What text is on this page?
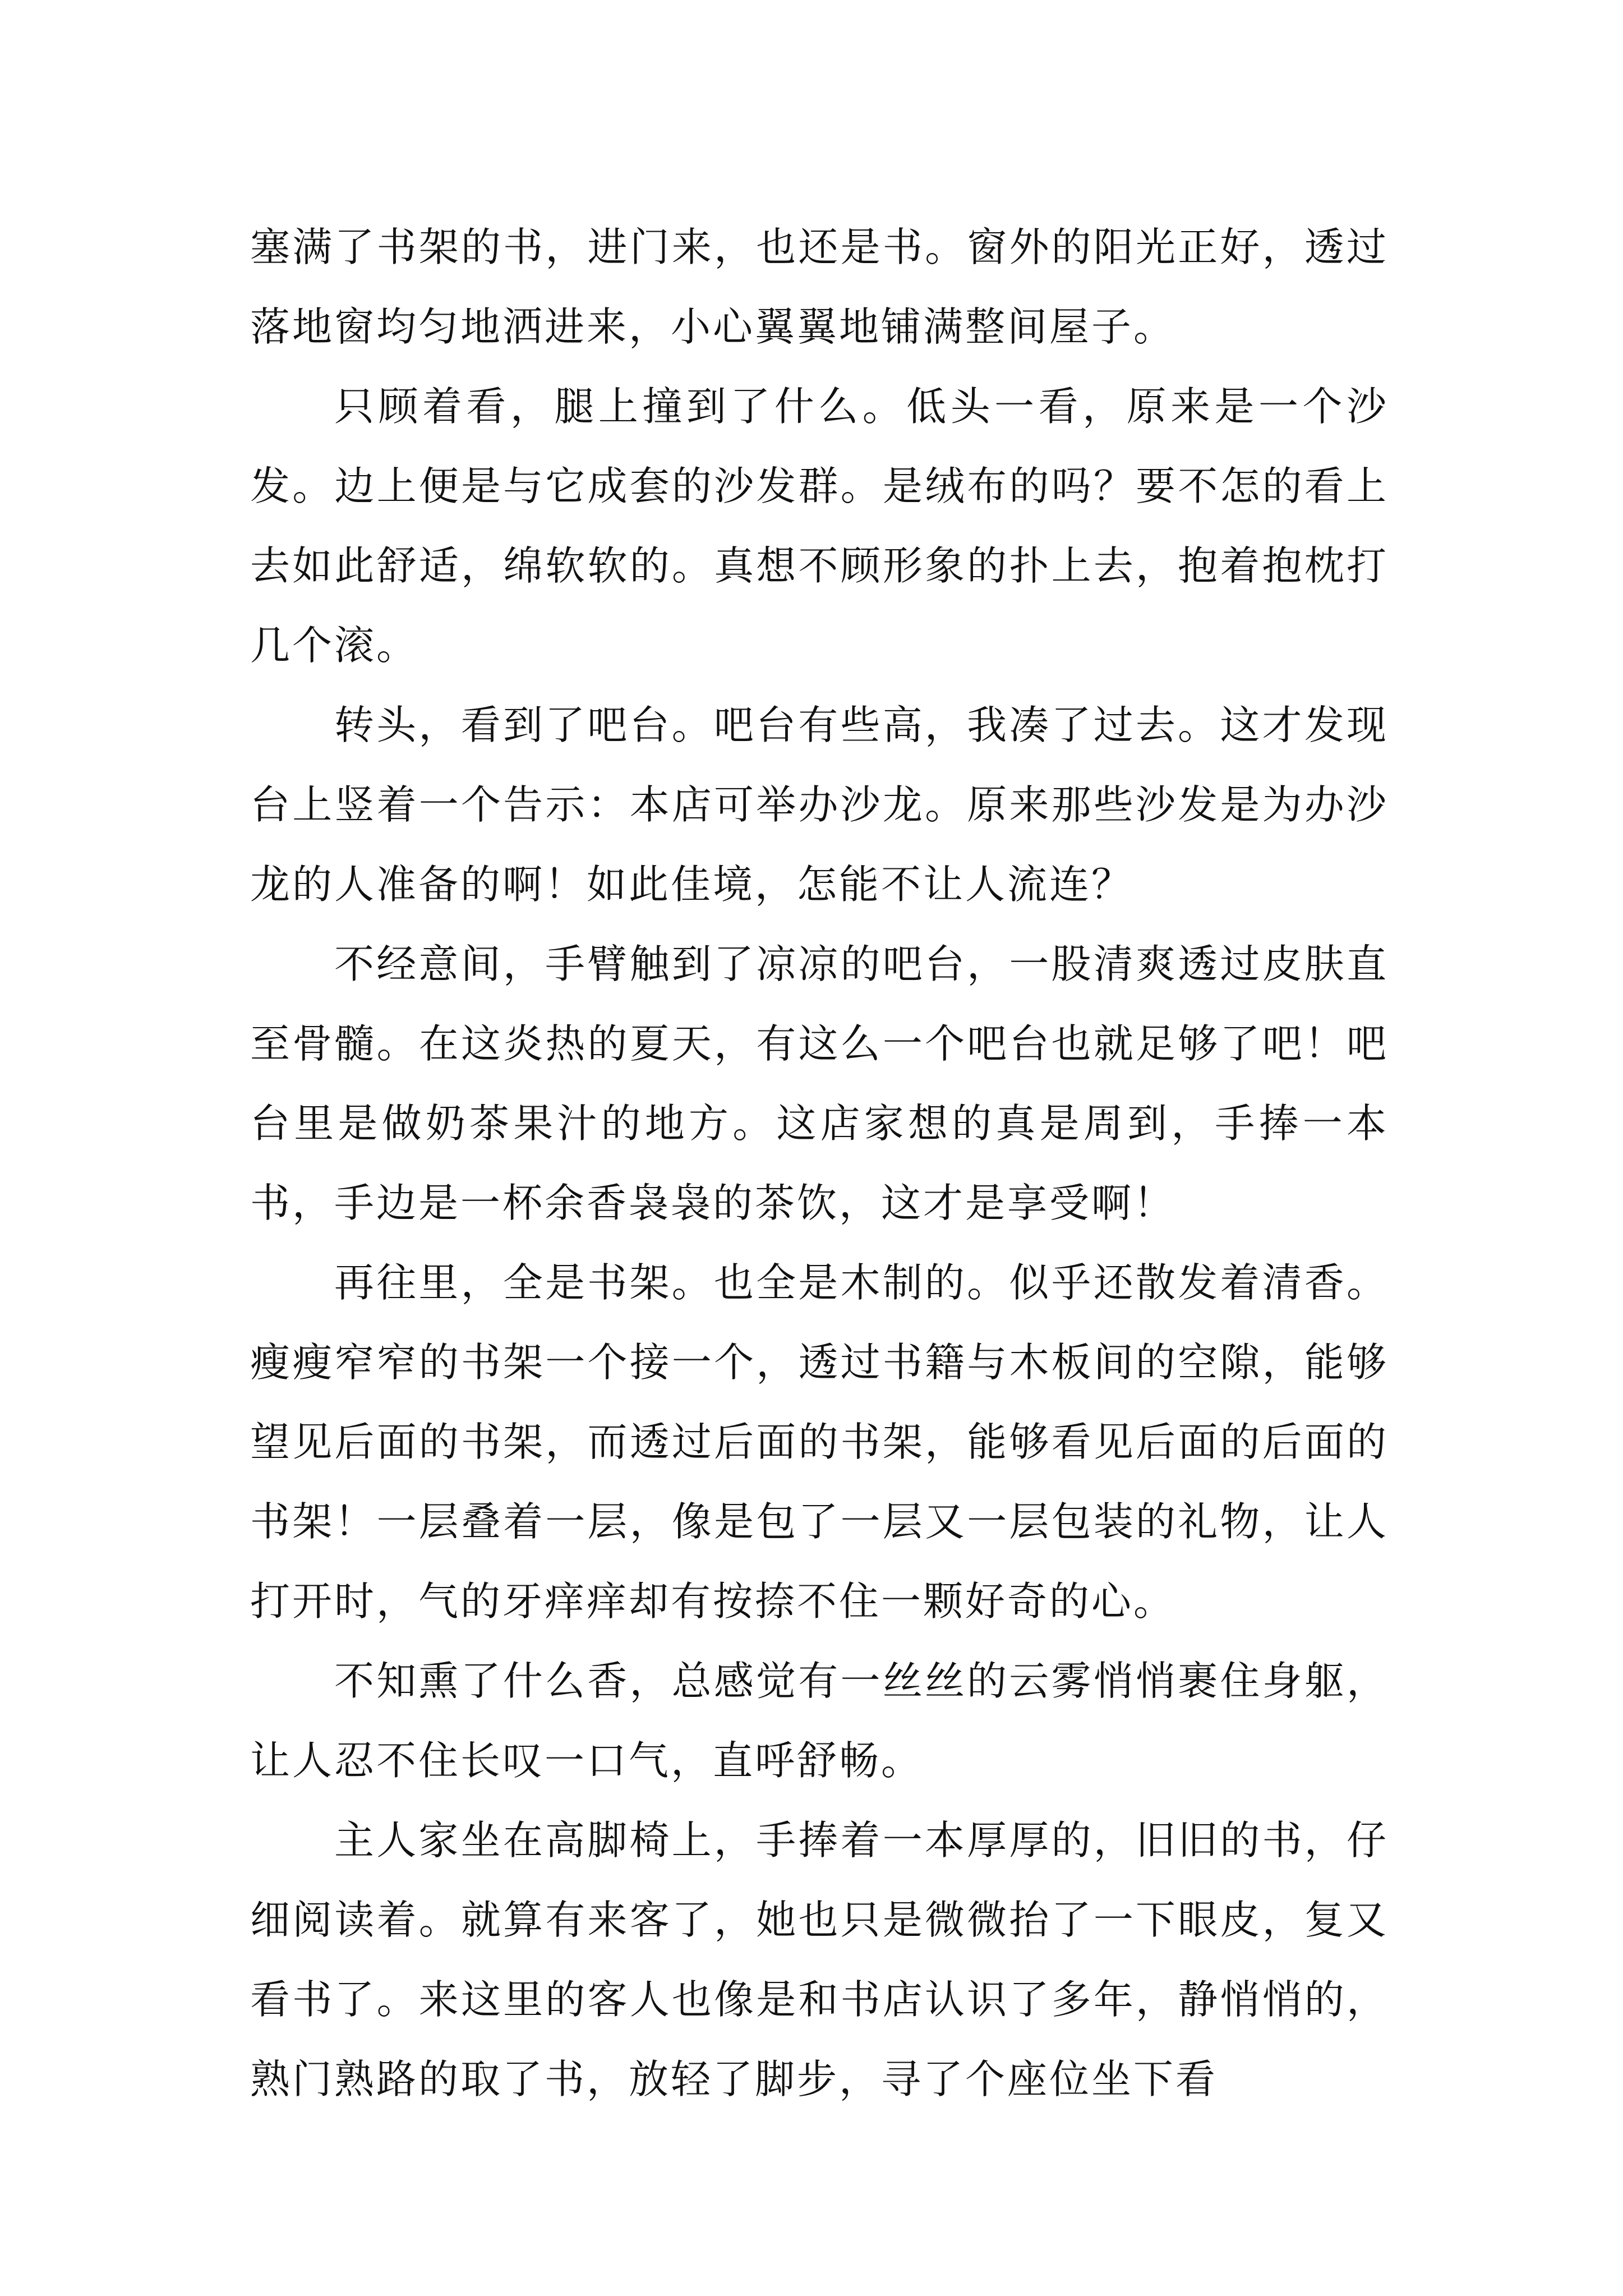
塞满了书架的书，进门来，也还是书。窗外的阳光正好，透过落地窗均匀地洒进来，小心翼翼地铺满整间屋子。

只顾着看，腿上撞到了什么。低头一看，原来是一个沙发。边上便是与它成套的沙发群。是绒布的吗？要不怎的看上去如此舒适，绵软软的。真想不顾形象的扑上去，抱着抱枕打几个滚。

转头，看到了吧台。吧台有些高，我凑了过去。这才发现台上竖着一个告示：本店可举办沙龙。原来那些沙发是为办沙龙的人准备的啊！如此佳境，怎能不让人流连？

不经意间，手臂触到了凉凉的吧台，一股清爽透过皮肤直至骨髓。在这炎热的夏天，有这么一个吧台也就足够了吧！吧台里是做奶茶果汁的地方。这店家想的真是周到，手捧一本书，手边是一杯余香袅袅的茶饮，这才是享受啊！

再往里，全是书架。也全是木制的。似乎还散发着清香。瘦瘦窄窄的书架一个接一个，透过书籍与木板间的空隙，能够望见后面的书架，而透过后面的书架，能够看见后面的后面的书架！一层叠着一层，像是包了一层又一层包装的礼物，让人打开时，气的牙痒痒却有按捺不住一颗好奇的心。

不知熏了什么香，总感觉有一丝丝的云雾悄悄裹住身躯，让人忍不住长叹一口气，直呼舒畅。

主人家坐在高脚椅上，手捧着一本厚厚的，旧旧的书，仔细阅读着。就算有来客了，她也只是微微抬了一下眼皮，复又看书了。来这里的客人也像是和书店认识了多年，静悄悄的，熟门熟路的取了书，放轻了脚步，寻了个座位坐下看
